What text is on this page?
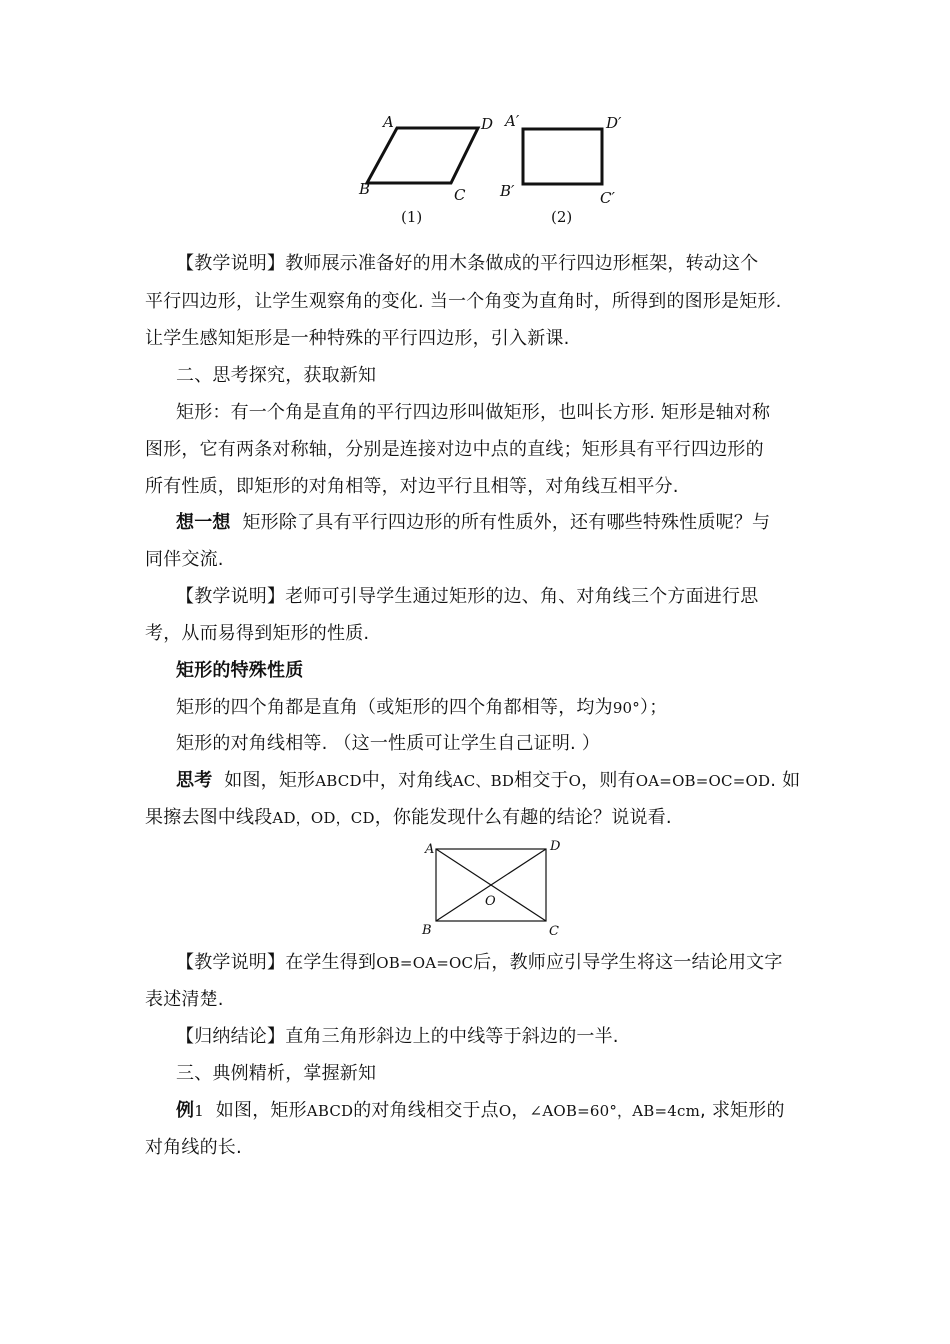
A	D
B	C
(1)
A′	D′
B′	C′
(2)
【教学说明】教师展示准备好的用木条做成的平行四边形框架，转动这个
平行四边形，让学生观察角的变化. 当一个角变为直角时，所得到的图形是矩形.
让学生感知矩形是一种特殊的平行四边形，引入新课.
二、思考探究，获取新知
矩形：有一个角是直角的平行四边形叫做矩形，也叫长方形. 矩形是轴对称
图形，它有两条对称轴，分别是连接对边中点的直线；矩形具有平行四边形的
所有性质，即矩形的对角相等，对边平行且相等，对角线互相平分.
想一想 矩形除了具有平行四边形的所有性质外，还有哪些特殊性质呢？与
同伴交流.
【教学说明】老师可引导学生通过矩形的边、角、对角线三个方面进行思
考，从而易得到矩形的性质.
矩形的特殊性质
矩形的四个角都是直角（或矩形的四个角都相等，均为90°）；
矩形的对角线相等. （这一性质可让学生自己证明. ）
思考 如图，矩形ABCD中，对角线AC、BD相交于O，则有OA=OB=OC=OD. 如
果擦去图中线段AD，OD，CD，你能发现什么有趣的结论？说说看.
A	D
B	C
O
【教学说明】在学生得到OB=OA=OC后，教师应引导学生将这一结论用文字
表述清楚.
【归纳结论】直角三角形斜边上的中线等于斜边的一半.
三、典例精析，掌握新知
例1 如图，矩形ABCD的对角线相交于点O，∠AOB=60°，AB=4cm, 求矩形的
对角线的长.
